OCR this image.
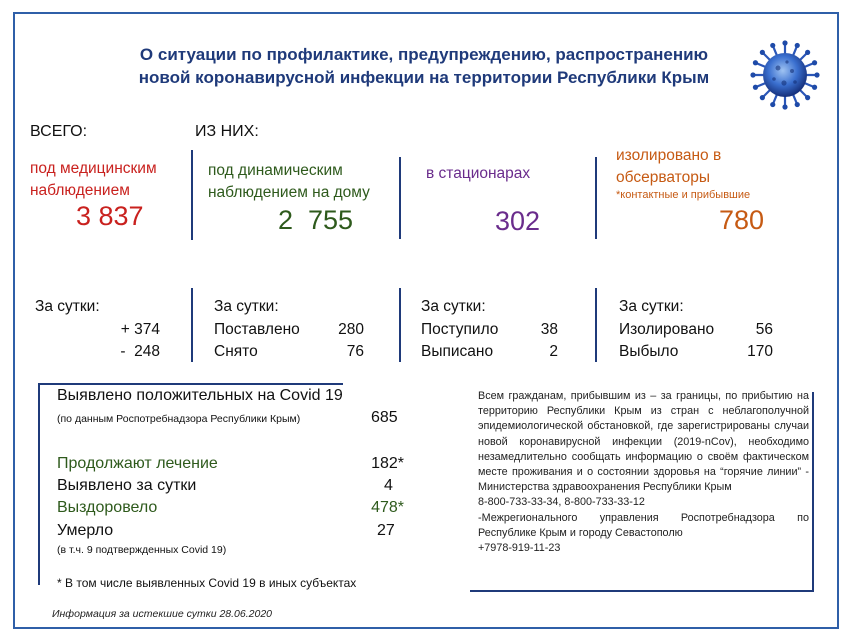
О ситуации по профилактике, предупреждению, распространению новой коронавирусной инфекции на территории Республики Крым
ВСЕГО:	ИЗ НИХ:
под медицинским наблюдением
3 837
под динамическим наблюдением на дому
2  755
в стационарах
302
изолировано в обсерваторы
*контактные и прибывшие
780
За сутки:
+ 374
-  248
За сутки:
Поставлено	280
Снято	76
За сутки:
Поступило	38
Выписано	2
За сутки:
Изолировано	56
Выбыло	170
Выявлено положительных на Covid 19
(по данным Роспотребнадзора Республики Крым)	685
Продолжают лечение	182*
Выявлено за сутки	4
Выздоровело	478*
Умерло	27
(в т.ч. 9 подтвержденных Covid 19)
* В том числе выявленных Covid 19 в иных субъектах

Всем гражданам, прибывшим из – за границы, по прибытию на территорию Республики Крым из стран с неблагополучной эпидемиологической обстановкой, где зарегистрированы случаи новой коронавирусной инфекции (2019-nCov), необходимо незамедлительно сообщать информацию о своём фактическом месте проживания и о состоянии здоровья на “горячие линии” - Министерства здравоохранения Республики Крым

8-800-733-33-34, 8-800-733-33-12

-Межрегионального управления Роспотребнадзора по Республике Крым и городу Севастополю

+7978-919-11-23

Информация за истекшие сутки 28.06.2020
